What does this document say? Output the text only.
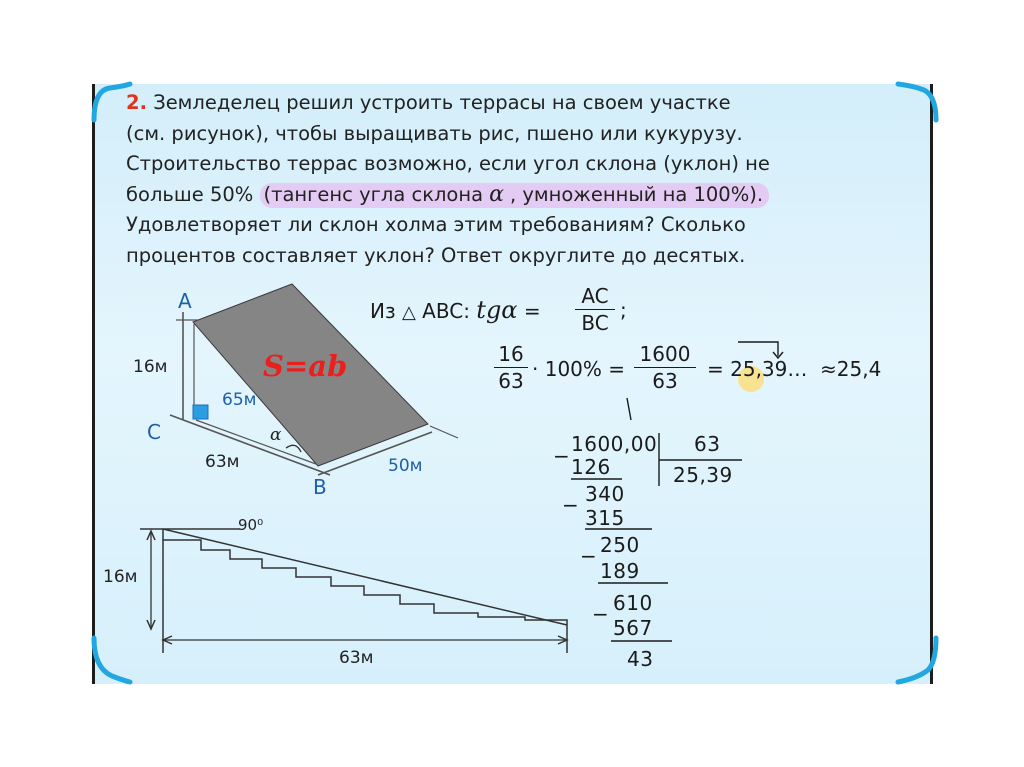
2. Земледелец решил устроить террасы на своем участке
(см. рисунок), чтобы выращивать рис, пшено или кукурузу.
Строительство террас возможно, если угол склона (уклон) не
больше 50% (тангенс угла склона α , умноженный на 100%).
Удовлетворяет ли склон холма этим требованиям? Сколько
процентов составляет уклон? Ответ округлите до десятых.
Из △ ABC: tgα =
AC
BC
;
16
63 · 100% =
1600
63	= 25,39… ≈25,4
1600,00 63
25,39
− 126
− 340
315
− 250
189
− 610
567
43
A
C
B
16м
65м
63м	50м
α
S=ab
90⁰
16м
63м
